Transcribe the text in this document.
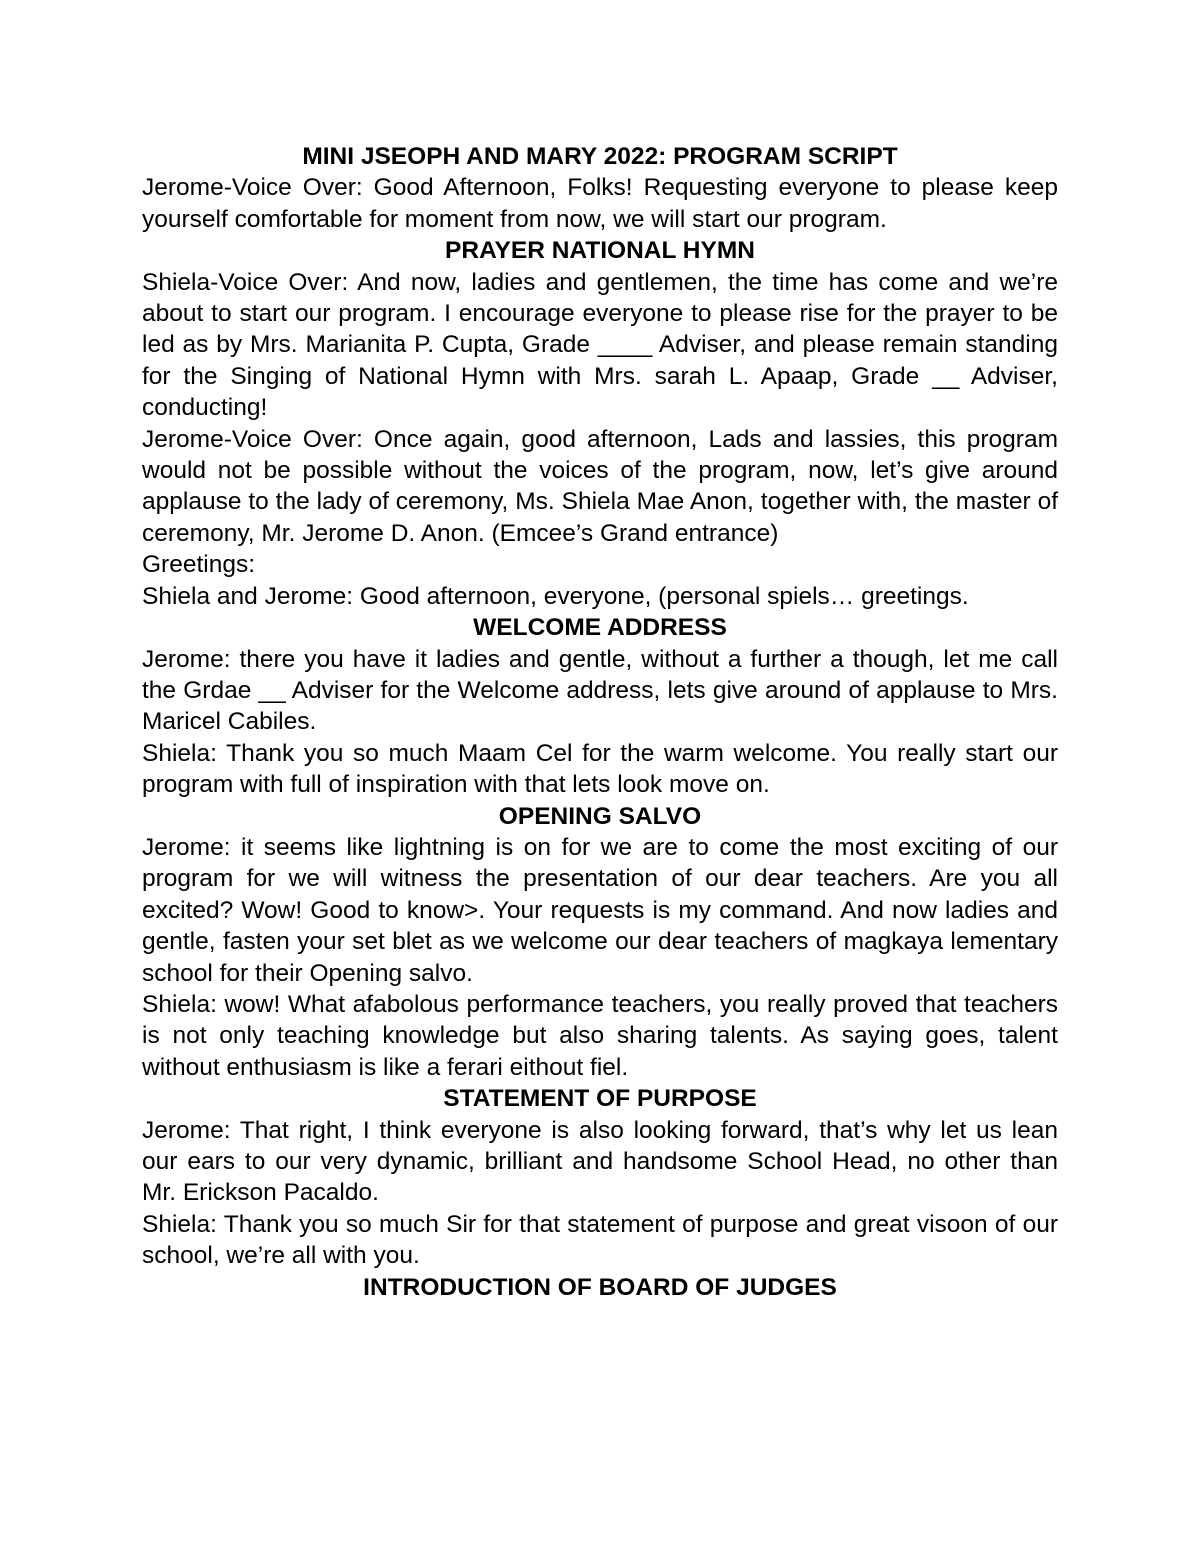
MINI JSEOPH AND MARY 2022: PROGRAM SCRIPT

Jerome-Voice Over: Good Afternoon, Folks! Requesting everyone to please keep yourself comfortable for moment from now, we will start our program.

PRAYER NATIONAL HYMN

Shiela-Voice Over: And now, ladies and gentlemen, the time has come and we’re about to start our program. I encourage everyone to please rise for the prayer to be led as by Mrs. Marianita P. Cupta, Grade ____ Adviser, and please remain standing for the Singing of National Hymn with Mrs. sarah L. Apaap, Grade __ Adviser, conducting!

Jerome-Voice Over: Once again, good afternoon, Lads and lassies, this program would not be possible without the voices of the program, now, let’s give around applause to the lady of ceremony, Ms. Shiela Mae Anon, together with, the master of ceremony, Mr. Jerome D. Anon. (Emcee’s Grand entrance)

Greetings:

Shiela and Jerome: Good afternoon, everyone, (personal spiels… greetings.

WELCOME ADDRESS

Jerome: there you have it ladies and gentle, without a further a though, let me call the Grdae __ Adviser for the Welcome address, lets give around of applause to Mrs. Maricel Cabiles.

Shiela: Thank you so much Maam Cel for the warm welcome. You really start our program with full of inspiration with that lets look move on.

OPENING SALVO

Jerome: it seems like lightning is on for we are to come the most exciting of our program for we will witness the presentation of our dear teachers. Are you all excited? Wow! Good to know>. Your requests is my command. And now ladies and gentle, fasten your set blet as we welcome our dear teachers of magkaya lementary school for their Opening salvo.

Shiela: wow! What afabolous performance teachers, you really proved that teachers is not only teaching knowledge but also sharing talents. As saying goes, talent without enthusiasm is like a ferari eithout fiel.

STATEMENT OF PURPOSE

Jerome: That right, I think everyone is also looking forward, that’s why let us lean our ears to our very dynamic, brilliant and handsome School Head, no other than Mr. Erickson Pacaldo.

Shiela: Thank you so much Sir for that statement of purpose and great visoon of our school, we’re all with you.

INTRODUCTION OF BOARD OF JUDGES
